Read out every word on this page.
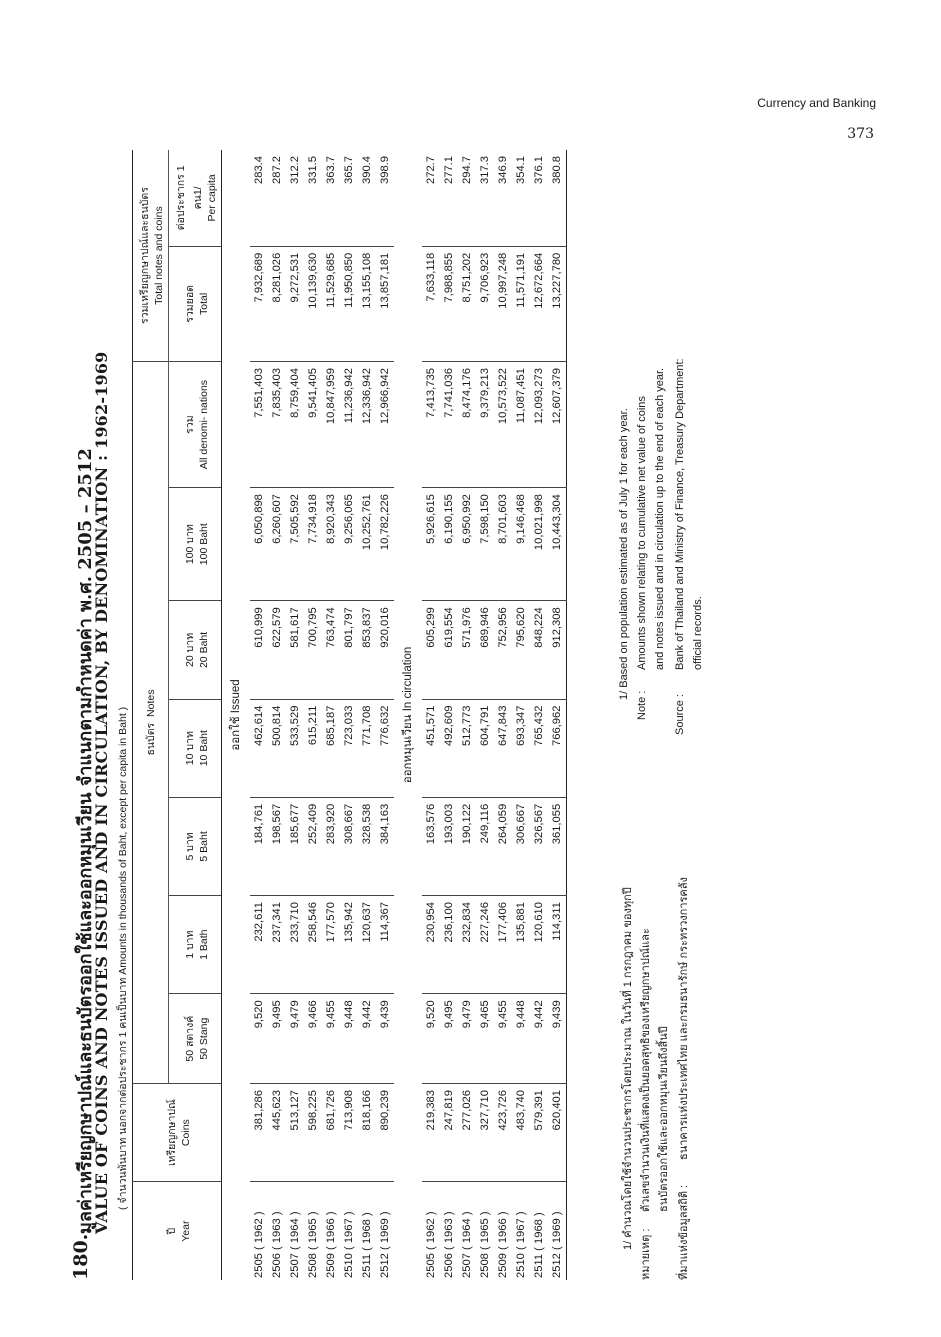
Currency and Banking
373
180.
มูลค่าเหรียญกษาปณ์และธนบัตรออกใช้และออกหมุนเวียน จำแนกตามกำหนดค่า พ.ศ. 2505 – 2512
VALUE OF COINS AND NOTES ISSUED AND IN CIRCULATION, BY DENOMINATION : 1962-1969 ( จำนวนพันบาท นอกจากต่อประชากร 1 คนเป็นบาท Amounts in thousands of Baht, except per capita in Baht )
ปี Year	เหรียญกษาปณ์ Coins	ธนบัตร  Notes							รวมเหรียญกษาปณ์และธนบัตร Total notes and coins	

		50 สตางค์ 50 Stang	1 บาท 1 Bath	5 บาท 5 Baht	10 บาท 10 Baht	20 บาท 20 Baht	100 บาท 100 Baht	รวม All denomi- nations	รวมยอด Total	ต่อประชากร 1 คน1/ Per capita

ออกใช้ Issued										
2505 ( 1962 )	381,286	9,520	232,611	184,761	462,614	610,999	6,050,898	7,551,403	7,932,689	283.4
2506 ( 1963 )	445,623	9,495	237,341	198,567	500,814	622,579	6,260,607	7,835,403	8,281,026	287.2
2507 ( 1964 )	513,127	9,479	233,710	185,677	533,529	581,617	7,505,592	8,759,404	9,272,531	312.2
2508 ( 1965 )	598,225	9,466	258,546	252,409	615,211	700,795	7,734,918	9,541,405	10,139,630	331.5
2509 ( 1966 )	681,726	9,455	177,570	283,920	685,187	763,474	8,920,343	10,847,959	11,529,685	363.7
2510 ( 1967 )	713,908	9,448	135,942	308,667	723,033	801,797	9,256,065	11,236,942	11,950,850	365.7
2511 ( 1968 )	818,166	9,442	120,637	328,538	771,708	853,837	10,252,761	12,336,942	13,155,108	390.4
2512 ( 1969 )	890,239	9,439	114,367	384,163	776,632	920,016	10,782,226	12,966,942	13,857,181	398.9
ออกหมุนเวียน In circulation										
2505 ( 1962 )	219,383	9,520	230,954	163,576	451,571	605,299	5,926,615	7,413,735	7,633,118	272.7
2506 ( 1963 )	247,819	9,495	236,100	193,003	492,609	619,554	6,190,155	7,741,036	7,988,855	277.1
2507 ( 1964 )	277,026	9,479	232,834	190,122	512,773	571,976	6,950,992	8,474,176	8,751,202	294.7
2508 ( 1965 )	327,710	9,465	227,246	249,116	604,791	689,946	7,598,150	9,379,213	9,706,923	317.3
2509 ( 1966 )	423,726	9,455	177,406	264,059	647,843	752,956	8,701,603	10,573,522	10,997,248	346.9
2510 ( 1967 )	483,740	9,448	135,881	306,667	693,347	795,620	9,146,468	11,087,451	11,571,191	354.1
2511 ( 1968 )	579,391	9,442	120,610	326,567	765,432	848,224	10,021,998	12,093,273	12,672,664	376.1
2512 ( 1969 )	620,401	9,439	114,311	361,055	766,962	912,308	10,443,304	12,607,379	13,227,780	380.8
1/ คำนวณโดยใช้จำนวนประชากรโดยประมาณ ในวันที่ 1 กรกฎาคม ของทุกปี
หมายเหตุ :
ตัวเลขจำนวนเงินที่แสดงเป็นยอดสุทธิของเหรียญกษาปณ์และ ธนบัตรออกใช้และออกหมุนเวียนถึงสิ้นปี
ที่มาแห่งข้อมูลสถิติ :
ธนาคารแห่งประเทศไทย และกรมธนารักษ์ กระทรวงการคลัง
1/ Based on population estimated as of July 1 for each year.
Note :
Amounts shown relating to cumulative net value of coins and notes issued and in circulation up to the end of each year.
Source :
Bank of Thailand and Ministry of Finance, Treasury Department: official records.
